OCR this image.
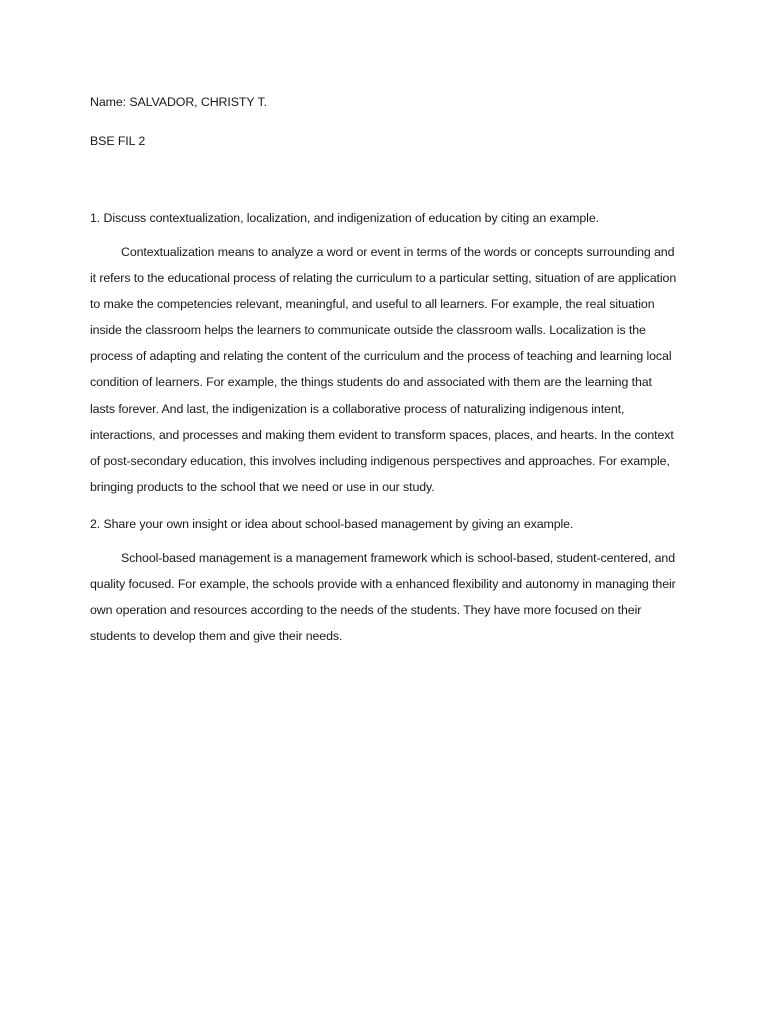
Name: SALVADOR, CHRISTY T.

BSE FIL 2

1. Discuss contextualization, localization, and indigenization of education by citing an example.

Contextualization means to analyze a word or event in terms of the words or concepts surrounding and it refers to the educational process of relating the curriculum to a particular setting, situation of are application to make the competencies relevant, meaningful, and useful to all learners. For example, the real situation inside the classroom helps the learners to communicate outside the classroom walls. Localization is the process of adapting and relating the content of the curriculum and the process of teaching and learning local condition of learners. For example, the things students do and associated with them are the learning that lasts forever. And last, the indigenization is a collaborative process of naturalizing indigenous intent, interactions, and processes and making them evident to transform spaces, places, and hearts. In the context of post-secondary education, this involves including indigenous perspectives and approaches. For example, bringing products to the school that we need or use in our study.

2. Share your own insight or idea about school-based management by giving an example.

School-based management is a management framework which is school-based, student-centered, and quality focused. For example, the schools provide with a enhanced flexibility and autonomy in managing their own operation and resources according to the needs of the students. They have more focused on their students to develop them and give their needs.
